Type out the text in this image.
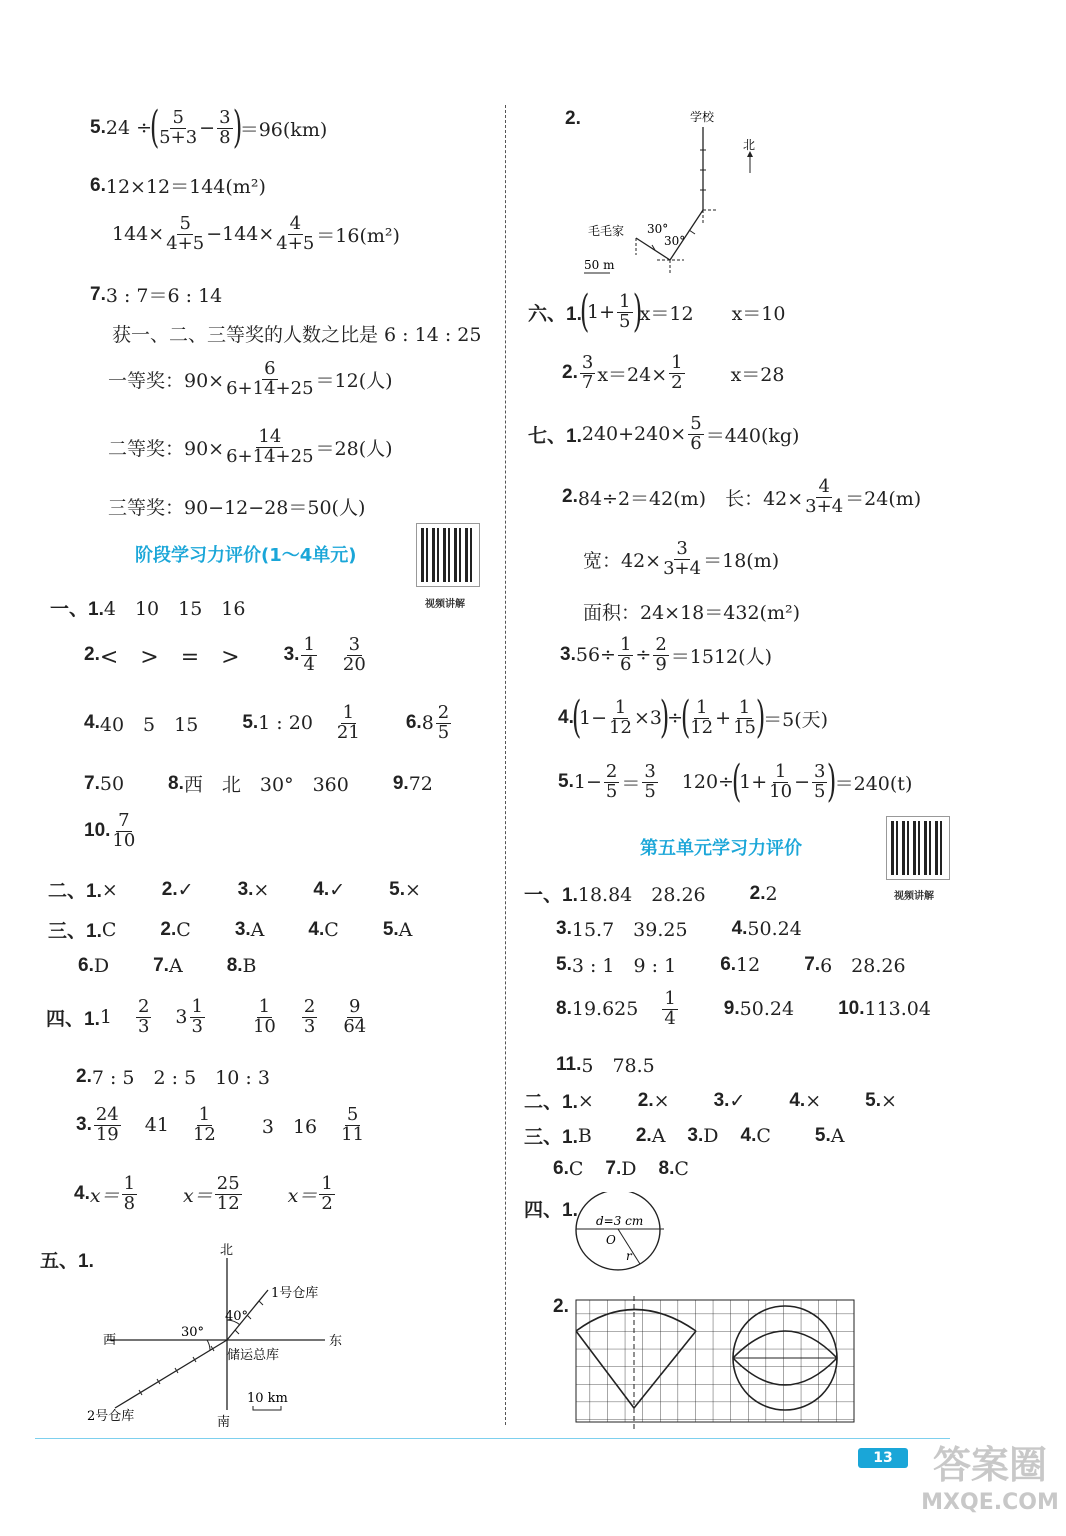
5. 24 ÷
( 5
$5+3 - \frac{3}{8}$ )
＝96(km)
6. 12×12＝144(m²)
$144\times \frac{5}{4+5} -144\times \frac{4}{4+5} =16(m^2)$
7. 3 : 7＝6 : 14
获一、二、三等奖的人数之比是 6 : 14 : 25
一等奖：$90\times \frac{6}{6+14+25} =12$(人)
二等奖：$90\times \frac{14}{6+14+25} =28$(人)
三等奖：90−12−28＝50(人)
阶段学习力评价(1～4单元)
视频讲解
一、1. 4　10　15　16
2. <　>　=　> 3. 1
4
3
20
4. 40　5　15 5. 1 : 20 1
21 6. 8 2
5
7. 50 8. 西　北　30°　360 9. 72
10. 7
10
二、1. × 2. ✓ 3. × 4. ✓ 5. ×
三、1. C 2. C 3. A 4. C 5. A
6. D 7. A 8. B
四、1. 1 2
3 3 1
3
1
10
2
3
9
64
2. 7 : 5　2 : 5　10 : 3
3. 24
19 41 1
12 3　16
5
11
4. x＝
1
8	x＝
25
12	x＝
1
2
五、1.
北
南
东
西
1号仓库
2号仓库
储运总库
40°
30°
10 km
2.	学校
北
毛毛家 30°
30°
50 m
六、1.
(
$1+ \frac{1}{5}$ )
x＝12　　x＝10
2. 3
7 $x=24\times \frac{1}{2} x=28$
七、1. $240+240\times \frac{5}{6} =440(kg)$
2. 84÷2＝42(m)　长：$42\times \frac{4}{3+4} =24(m)$
宽：$42\times \frac{3}{3+4} =18(m)$
面积：24×18＝432(m²)
3. $56\div \frac{1}{6} \div \frac{2}{9} =1512$(人)
4.
(
$1- \frac{1}{12} \times 3$
)
÷
( 1
$12 + \frac{1}{15}$ )
＝5(天)
5. $1- \frac{2}{5}$ ＝
3
5 120÷
(
$1+ \frac{1}{10} - \frac{3}{5}$ )
＝240(t)
第五单元学习力评价
视频讲解
一、1. 18.84　28.26 2. 2
3. 15.7　39.25 4. 50.24
5. 3 : 1　9 : 1 6. 12 7. 6　28.26
8. 19.625 1
4	9. 50.24 10. 113.04
11. 5　78.5
二、1. × 2. × 3. ✓ 4. × 5. ×
三、1. B 2. A 3. D 4. C 5. A
6. C 7. D 8. C
四、1. d=3 cm
O
r
2.
13	答案圈
MXQE.COM
